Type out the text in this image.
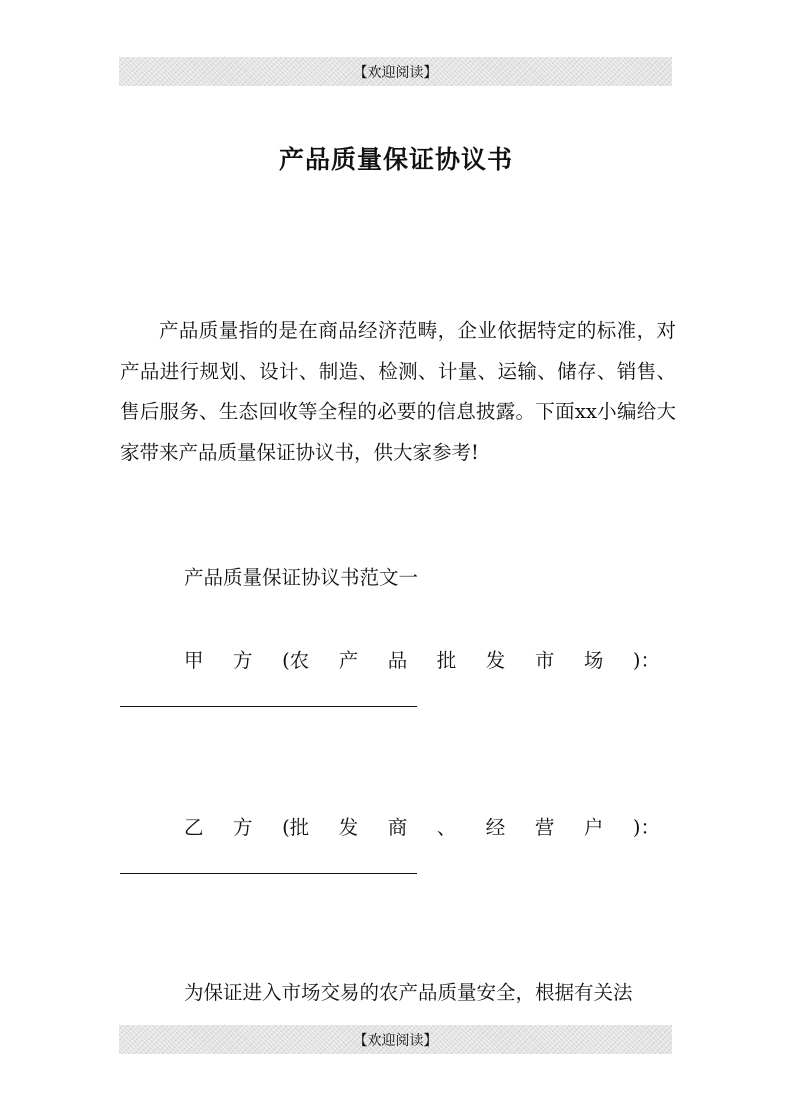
【欢迎阅读】
产品质量保证协议书

产品质量指的是在商品经济范畴，企业依据特定的标准，对产品进行规划、设计、制造、检测、计量、运输、储存、销售、售后服务、生态回收等全程的必要的信息披露。下面xx小编给大家带来产品质量保证协议书，供大家参考!

产品质量保证协议书范文一

甲 方 (农 产 品 批 发 市 场 )：
乙 方 (批 发 商 、 经 营 户 )：

为保证进入市场交易的农产品质量安全，根据有关法

【欢迎阅读】
